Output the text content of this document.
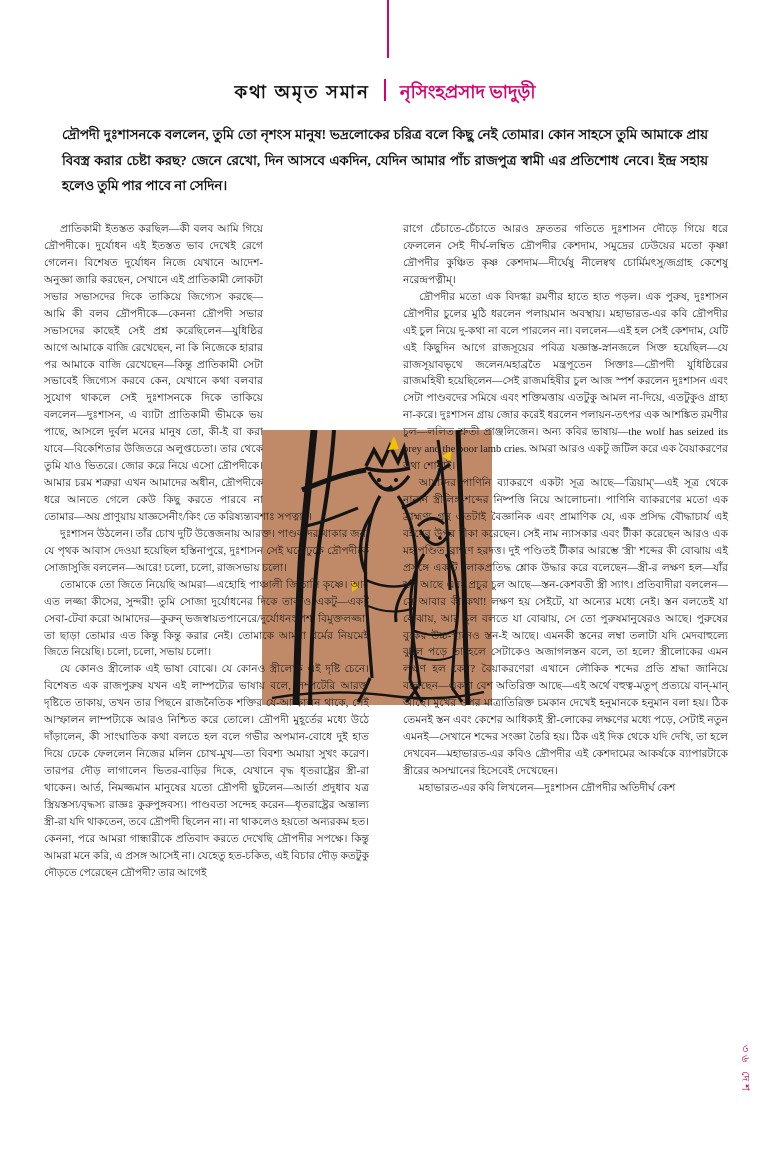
কথা অমৃত সমান	নৃসিংহপ্রসাদ ভাদুড়ী
দ্রৌপদী দুঃশাসনকে বললেন, তুমি তো নৃশংস মানুষ! ভদ্রলোকের চরিত্র বলে কিছু নেই তোমার। কোন সাহসে তুমি আমাকে প্রায় বিবস্ত্র করার চেষ্টা করছ? জেনে রেখো, দিন আসবে একদিন, যেদিন আমার পাঁচ রাজপুত্র স্বামী এর প্রতিশোধ নেবে। ইন্দ্র সহায় হলেও তুমি পার পাবে না সেদিন।

প্রাতিকামী ইতস্তত করছিল—কী বলব আমি গিয়ে দ্রৌপদীকে। দুর্যোধন এই ইতস্তত ভাব দেখেই রেগে গেলেন। বিশেষত দুর্যোধন নিজে যেখানে আদেশ-অনুজ্ঞা জারি করছেন, সেখানে এই প্রাতিকামী লোকটা সভার সভাসদের দিকে তাকিয়ে জিগ্যেস করছে—আমি কী বলব দ্রৌপদীকে—কেননা দ্রৌপদী সভার সভাসদের কাছেই সেই প্রশ্ন করেছিলেন—যুধিষ্ঠির আগে আমাকে বাজি রেখেছেন, না কি নিজেকে হারার পর আমাকে বাজি রেখেছেন—কিন্তু প্রাতিকামী সেটা সভাবেই জিগ্যেস করবে কেন, যেখানে কথা বলবার সুযোগ থাকলে সেই দুঃশাসনকে দিকে তাকিয়ে বললেন—দুঃশাসন, এ ব্যাটা প্রাতিকামী ভীমকে ভয় পাছে, আসলে দুর্বল মনের মানুষ তো, কী-ই বা করা যাবে—বিকেশিতার উজিতরে অলুপ্তচেতা। তার থেকে তুমি যাও ভিতরে। জোর করে নিয়ে এসো দ্রৌপদীকে। আমার চরম শত্রুরা এখন আমাদের অধীন, দ্রৌপদীকে ধরে আনতে গেলে কেউ কিছু করতে পারবে না তোমার—অয় প্রাণুয়ায় যাজ্ঞসেনীং/কিং তে করিষ্যন্ত্যবশাঃ সপত্নাঃ।

দুঃশাসন উঠলেন। তাঁর চোখ দুটি উত্তেজনায় আরক্ত। পাণ্ডবদের থাকার জন্য যে পৃথক আবাস দেওয়া হয়েছিল হস্তিনাপুরে, দুঃশাসন সেই ঘরে ঢুকে দ্রৌপদীকে সোজাসুজি বললেন—আরে! চলো, চলো, রাজসভায় চলো।

তোমাকে তো জিতে নিয়েছি আমরা—এহোহি পাঞ্চালী জিতাসি কৃষ্ণে। আর এত লজ্জা কীসের, সুন্দরী! তুমি সোজা দুর্যোধনের দিকে তাকাও একটু—একটু সেবা-টেবা করো আমাদের—কুরুন্ ভজস্বায়তপানেরে/দুর্যোধনং পশ্য বিমুক্তলজ্জা। তা ছাড়া তোমার এত কিন্তু কিন্তু করার নেই। তোমাকে আমরা ধর্মের নিয়মেই জিতে নিয়েছি। চলো, চলো, সভায় চলো।

যে কোনও স্ত্রীলোক এই ভাষা বোঝে। যে কোনও স্ত্রীলোক এই দৃষ্টি চেনে। বিশেষত এক রাজপুরুষ যখন এই লাম্পট্যের ভাষায় বলে, লম্পটেরি আরক্ত দৃষ্টিতে তাকায়, তখন তার পিছনে রাজনৈতিক শক্তির যে-আস্ফালন থাকে, সেই আস্ফালন লাম্পট্যকে আরও নিশ্চিত করে তোলে। দ্রৌপদী মুহূর্তের মধ্যে উঠে দাঁড়ালেন, কী সাংঘাতিক কথা বলতে হল বলে গভীর অপমান-বোধে দুই হাত দিয়ে ঢেকে ফেললেন নিজের মলিন চোখ-মুখ—তা বিবশ্য অমায়া সুখং করেণ। তারপর দৌড় লাগালেন ভিতর-বাড়ির দিকে, যেখানে বৃদ্ধ ধৃতরাষ্ট্রের স্ত্রী-রা থাকেন। আর্ত, নিমজ্জমান মানুষের যতো দ্রৌপদী ছুটলেন—আর্তা প্রদুধাব যত্র স্ত্রিয়স্তস্য/বৃদ্ধস্য রাজ্ঞঃ কুরুপুঙ্গবস্য। পাণ্ডবতা সন্দেহ করেন—ধৃতরাষ্ট্রের অন্তাল্য স্ত্রী-রা যদি থাকতেন, তবে দ্রৌপদী ছিলেন না। না থাকলেও হয়তো অন্যরকম হত। কেননা, পরে আমরা গান্ধারীকে প্রতিবাদ করতে দেখেছি দ্রৌপদীর সপক্ষে। কিন্তু আমরা মনে করি, এ প্রসঙ্গ আসেই না। যেহেতু হত-চকিত, এই বিচার দৌড় কতটুকু দৌড়তে পেরেছেন দ্রৌপদী? তার আগেই

রাগে চেঁচাতে-চেঁচাতে আরও দ্রুততর গতিতে দুঃশাসন দৌড়ে গিয়ে ধরে ফেললেন সেই দীর্ঘ-লম্বিত দ্রৌপদীর কেশদাম, সমুদ্রের ঢেউয়ের মতো কৃষ্ণা দ্রৌপদীর কুঞ্চিত কৃষ্ণ কেশদাম—দীর্ঘেষু নীলেষ্বথ চোর্মিমৎসু/জগ্রাহ কেশেষু নরেন্দ্রপত্নীম্‌।

দ্রৌপদীর মতো এক বিদগ্ধা রমণীর হাতে হাত পড়ল। এক পুরুষ, দুঃশাসন দ্রৌপদীর চুলের মুঠি ধরলেন পলায়মান অবস্থায়। মহাভারত-এর কবি দ্রৌপদীর এই চুল নিয়ে দু-কথা না বলে পারলেন না। বললেন—এই হল সেই কেশদাম, যেটি এই কিছুদিন আগে রাজসূয়ের পবিত্র যজ্ঞাস্ত-স্নানজলে সিক্ত হয়েছিল—যে রাজসূয়াবভৃথে জলেন/মহাব্রতৈ মন্ত্রপূতেন সিক্তাঃ—দ্রৌপদী যুধিষ্ঠিরের রাজমহিষী হয়েছিলেন—সেই রাজমহিষীর চুল আজ স্পর্শ করলেন দুঃশাসন এবং সেটা পাণ্ডবদের সমিষে এবং শক্তিমত্তায় এতটুকু আমল না-দিয়ে, এতটুকুও গ্রাহ্য না-করে। দুঃশাসন গ্রায় জোর করেই ধরলেন পলায়ন-তৎপর এক আশঙ্কিত রমণীর চুল—ললিত শ্রুতী প্রাঞ্জলিজেন। অন্য কবির ভাষায়—the wolf has seized its prey and the poor lamb cries. আমরা আরও একটু জটিল করে এক বৈয়াকরণের কথা শোনাই।

আমাদের পাণিনি ব্যাকরণে একটা সূত্র আছে—'ত্রিয়াম্‌'—এই সূত্র থেকে নানান স্ত্রীলিঙ্গ-শব্দের নিষ্পত্তি নিয়ে আলোচনা। পাণিনি ব্যাকরণের মতো এক ব্রাহ্মণ্য গ্রন্থ এতটাই বৈজ্ঞানিক এবং প্রামাণিক যে, এক প্রসিদ্ধ বৌদ্ধাচার্য এই বইয়ের উপর টীকা করেছেন। সেই নাম ন্যাসকার এবং টীকা করেছেন আরও এক মহাপণ্ডিত ব্রাহ্মণ হরদত্ত। দুই পণ্ডিতই টীকার আরম্ভে 'স্ত্রী' শব্দের কী বোঝায় এই প্রসঙ্গে একটি লোকপ্রতিদ্ধ শ্লোক উদ্ধার করে বলেছেন—স্ত্রী-র লক্ষণ হল—যাঁর স্তন আছে এবং প্রচুর চুল আছে—স্তন-কেশবতী স্ত্রী স্যাৎ। প্রতিবাদীরা বললেন—সে আবার কী কথা! লক্ষণ হয় সেইটে, যা অন্যের মধ্যে নেই। স্তন বলতেই যা বোঝায়, আর চুল বলতে যা বোঝায়, সে তো পুরুষমানুষেরও আছে। পুরুষের বুকের উচ্চ-স্থানেও স্তন-ই আছে। এমনকী স্তনের লম্বা তলাটা যদি মেদবাহুল্যে ঝুলে পড়ে তা হলে সেটাকেও অজাগলস্তন বলে, তা হলে? স্ত্রীলোকের এমন লক্ষণ হল কেন? বৈয়াকরণেরা এখানে লৌকিক শব্দের প্রতি শ্রদ্ধা জানিয়ে বলেছেন—একটা বেশ অতিরিক্ত আছে—এই অর্থে বহুত্ব-মতুপ্‌ প্রত্যয়ে বান্-মান্‌ আছে। মুখের ওপর মাত্রাতিরিক্ত চমকান দেখেই হনুমানকে হনুমান বলা হয়। ঠিক তেমনই স্তন এবং কেশের আধিক্যই স্ত্রী-লোকের লক্ষণের মধ্যে পড়ে, সেটাই নতুন এমনই—সেখানে শব্দের সংজ্ঞা তৈরি হয়। ঠিক এই দিক থেকে যদি দেখি, তা হলে দেখবেন—মহাভারত-এর কবিও দ্রৌপদীর এই কেশদামের আকর্ষকে ব্যাপারটাকে স্ত্রীরের অসম্মানের হিসেবেই দেখেছেন।

মহাভারত-এর কবি লিখলেন—দুঃশাসন দ্রৌপদীর অতিদীর্ঘ কেশ

৩৬ দেশ
